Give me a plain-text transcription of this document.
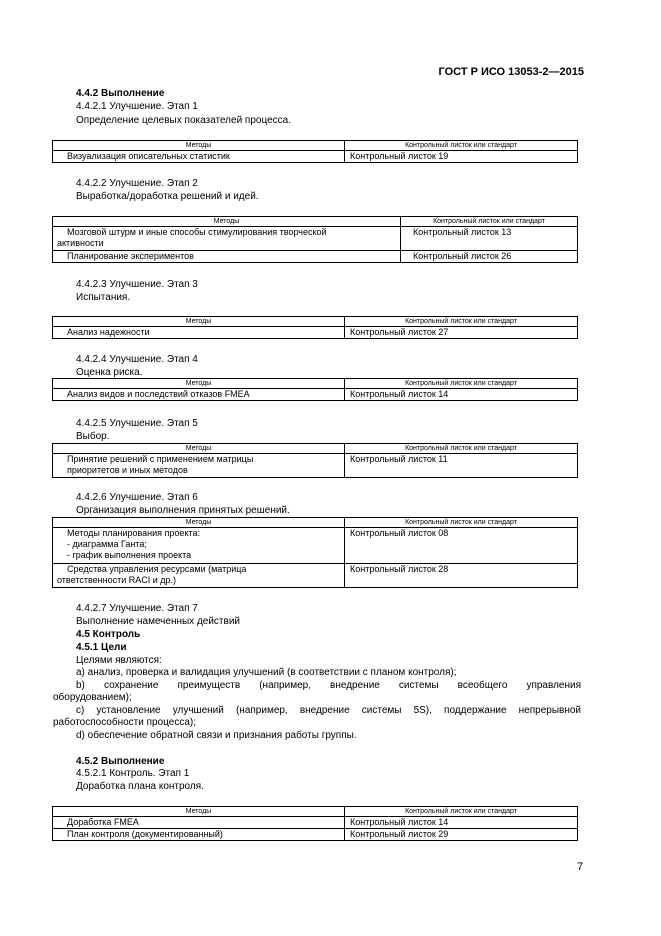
ГОСТ Р ИСО 13053-2—2015
4.4.2 Выполнение
4.4.2.1 Улучшение. Этап 1
Определение целевых показателей процесса.
Методы	Контрольный листок или стандарт
Визуализация описательных статистик	Контрольный листок 19
4.4.2.2 Улучшение. Этап 2
Выработка/доработка решений и идей.
Методы	Контрольный листок или стандарт

Мозговой штурм и иные способы стимулирования творческой
активности	Контрольный листок 13
Планирование экспериментов	Контрольный листок 26
4.4.2.3 Улучшение. Этап 3
Испытания.
Методы	Контрольный листок или стандарт
Анализ надежности	Контрольный листок 27
4.4.2.4 Улучшение. Этап 4
Оценка риска.
Методы	Контрольный листок или стандарт
Анализ видов и последствий отказов FMEA	Контрольный листок 14
4.4.2.5 Улучшение. Этап 5
Выбор.
Методы	Контрольный листок или стандарт

Принятие решений с применением матрицы
приоритетов и иных методов	Контрольный листок 11
4.4.2.6 Улучшение. Этап 6
Организация выполнения принятых решений.
Методы	Контрольный листок или стандарт

Методы планирования проекта:
- диаграмма Ганта;
- график выполнения проекта	Контрольный листок 08

Средства управления ресурсами (матрица
ответственности RACI и др.)	Контрольный листок 28
4.4.2.7 Улучшение. Этап 7
Выполнение намеченных действий
4.5 Контроль
4.5.1 Цели
Целями являются:
a) анализ, проверка и валидация улучшений (в соответствии с планом контроля);
b) сохранение преимуществ (например, внедрение системы всеобщего управления
оборудованием);
c) установление улучшений (например, внедрение системы 5S), поддержание непрерывной
работоспособности процесса);
d) обеспечение обратной связи и признания работы группы.
4.5.2 Выполнение
4.5.2.1 Контроль. Этап 1
Доработка плана контроля.
Методы	Контрольный листок или стандарт
Доработка FMEA	Контрольный листок 14
План контроля (документированный)	Контрольный листок 29
7
